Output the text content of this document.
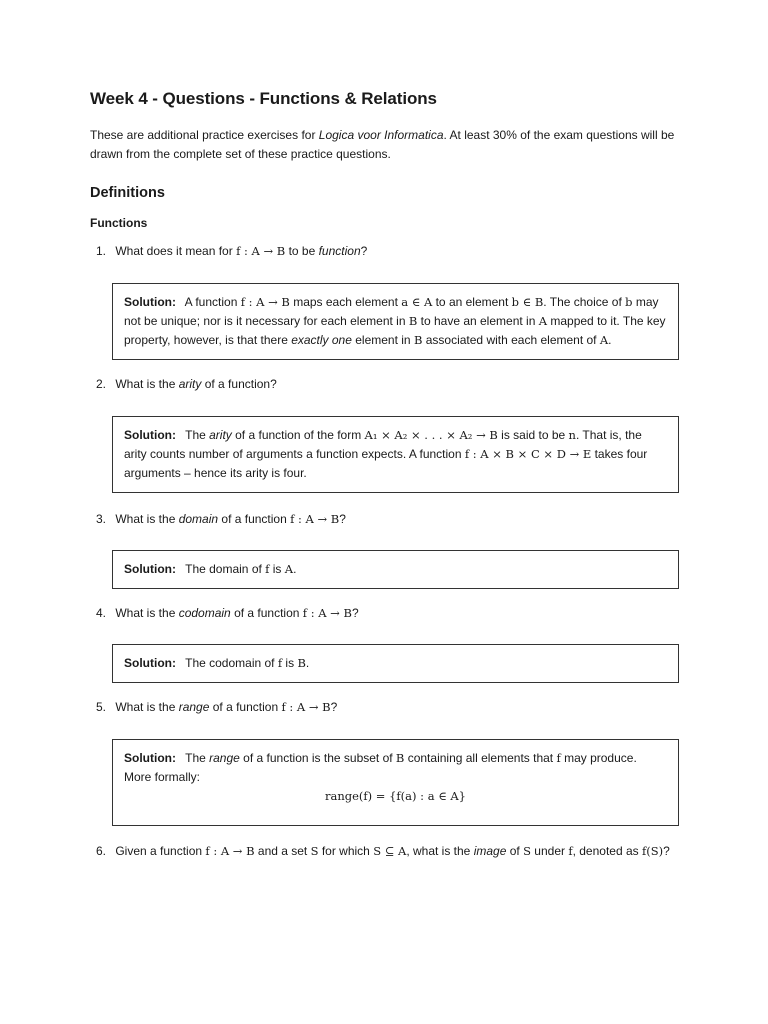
Week 4 - Questions - Functions & Relations

These are additional practice exercises for Logica voor Informatica. At least 30% of the exam questions will be drawn from the complete set of these practice questions.

Definitions
Functions
1. What does it mean for f : A → B to be function?
Solution: A function f : A → B maps each element a ∈ A to an element b ∈ B. The choice of b may not be unique; nor is it necessary for each element in B to have an element in A mapped to it. The key property, however, is that there exactly one element in B associated with each element of A.
2. What is the arity of a function?
Solution: The arity of a function of the form A₁ × A₂ × . . . × A₂ → B is said to be n. That is, the arity counts number of arguments a function expects. A function f : A × B × C × D → E takes four arguments – hence its arity is four.
3. What is the domain of a function f : A → B?
Solution: The domain of f is A.
4. What is the codomain of a function f : A → B?
Solution: The codomain of f is B.
5. What is the range of a function f : A → B?
Solution: The range of a function is the subset of B containing all elements that f may produce. More formally:
range(f) = {f(a) : a ∈ A}
6. Given a function f : A → B and a set S for which S ⊆ A, what is the image of S under f, denoted as f(S)?
